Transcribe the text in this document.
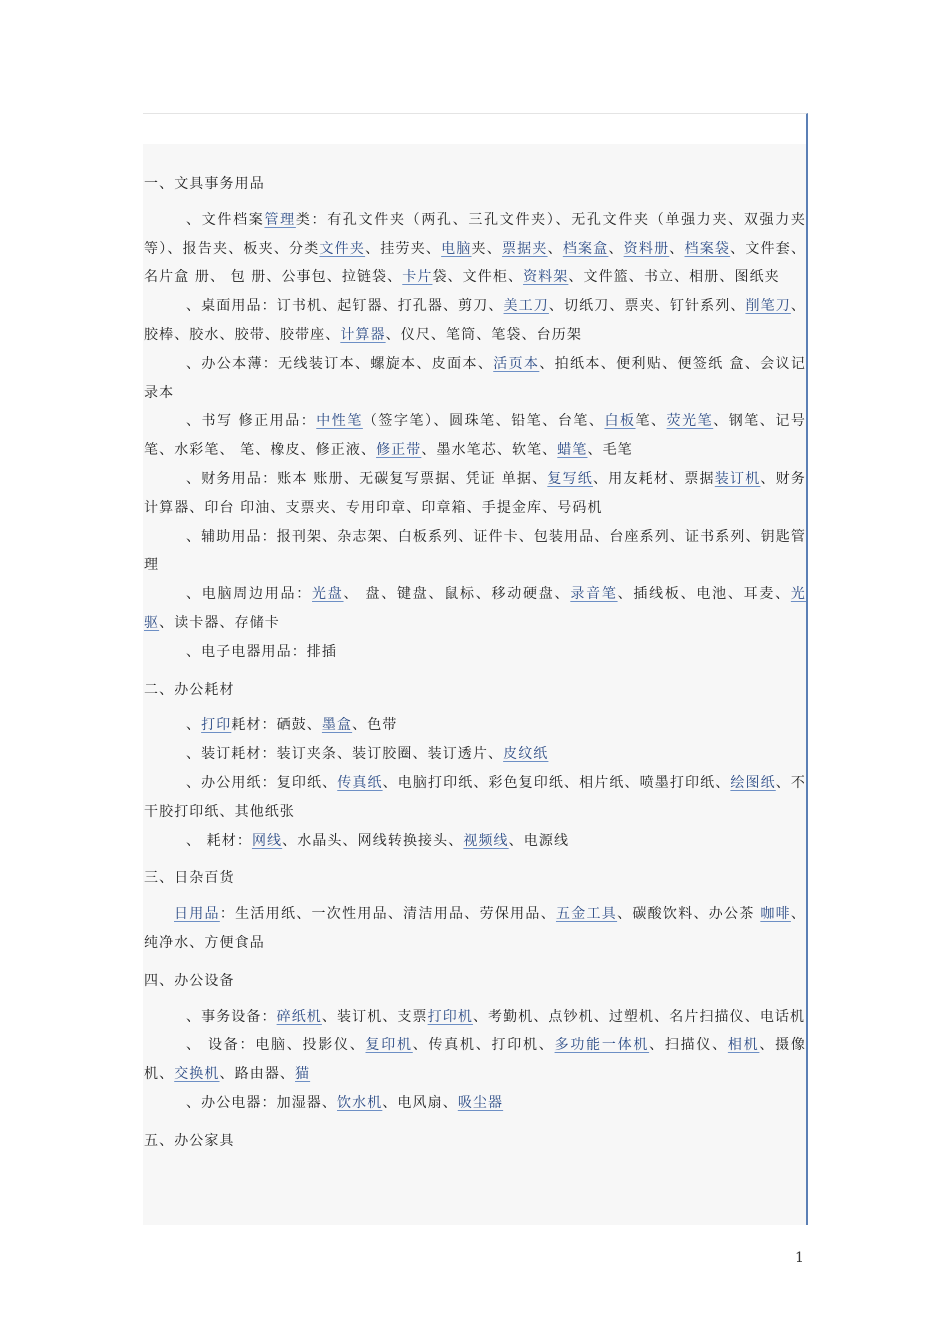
一、文具事务用品
、文件档案管理类：有孔文件夹（两孔、三孔文件夹）、无孔文件夹（单强力夹、双强力夹等）、报告夹、板夹、分类文件夹、挂劳夹、电脑夹、票据夹、档案盒、资料册、档案袋、文件套、名片盒 册、 包 册、公事包、拉链袋、卡片袋、文件柜、资料架、文件篮、书立、相册、图纸夹
、桌面用品：订书机、起钉器、打孔器、剪刀、美工刀、切纸刀、票夹、钉针系列、削笔刀、胶棒、胶水、胶带、胶带座、计算器、仪尺、笔筒、笔袋、台历架
、办公本薄：无线装订本、螺旋本、皮面本、活页本、拍纸本、便利贴、便签纸 盒、会议记录本
、书写 修正用品：中性笔（签字笔）、圆珠笔、铅笔、台笔、白板笔、荧光笔、钢笔、记号笔、水彩笔、 笔、橡皮、修正液、修正带、墨水笔芯、软笔、蜡笔、毛笔
、财务用品：账本 账册、无碳复写票据、凭证 单据、复写纸、用友耗材、票据装订机、财务计算器、印台 印油、支票夹、专用印章、印章箱、手提金库、号码机
、辅助用品：报刊架、杂志架、白板系列、证件卡、包装用品、台座系列、证书系列、钥匙管理
、电脑周边用品：光盘、 盘、键盘、鼠标、移动硬盘、录音笔、插线板、电池、耳麦、光驱、读卡器、存储卡
、电子电器用品：排插
二、办公耗材
、打印耗材：硒鼓、墨盒、色带
、装订耗材：装订夹条、装订胶圈、装订透片、皮纹纸
、办公用纸：复印纸、传真纸、电脑打印纸、彩色复印纸、相片纸、喷墨打印纸、绘图纸、不干胶打印纸、其他纸张
、 耗材：网线、水晶头、网线转换接头、视频线、电源线
三、日杂百货
日用品：生活用纸、一次性用品、清洁用品、劳保用品、五金工具、碳酸饮料、办公茶 咖啡、纯净水、方便食品
四、办公设备
、事务设备：碎纸机、装订机、支票打印机、考勤机、点钞机、过塑机、名片扫描仪、电话机
、 设备：电脑、投影仪、复印机、传真机、打印机、多功能一体机、扫描仪、相机、摄像机、交换机、路由器、猫
、办公电器：加湿器、饮水机、电风扇、吸尘器
五、办公家具
1
